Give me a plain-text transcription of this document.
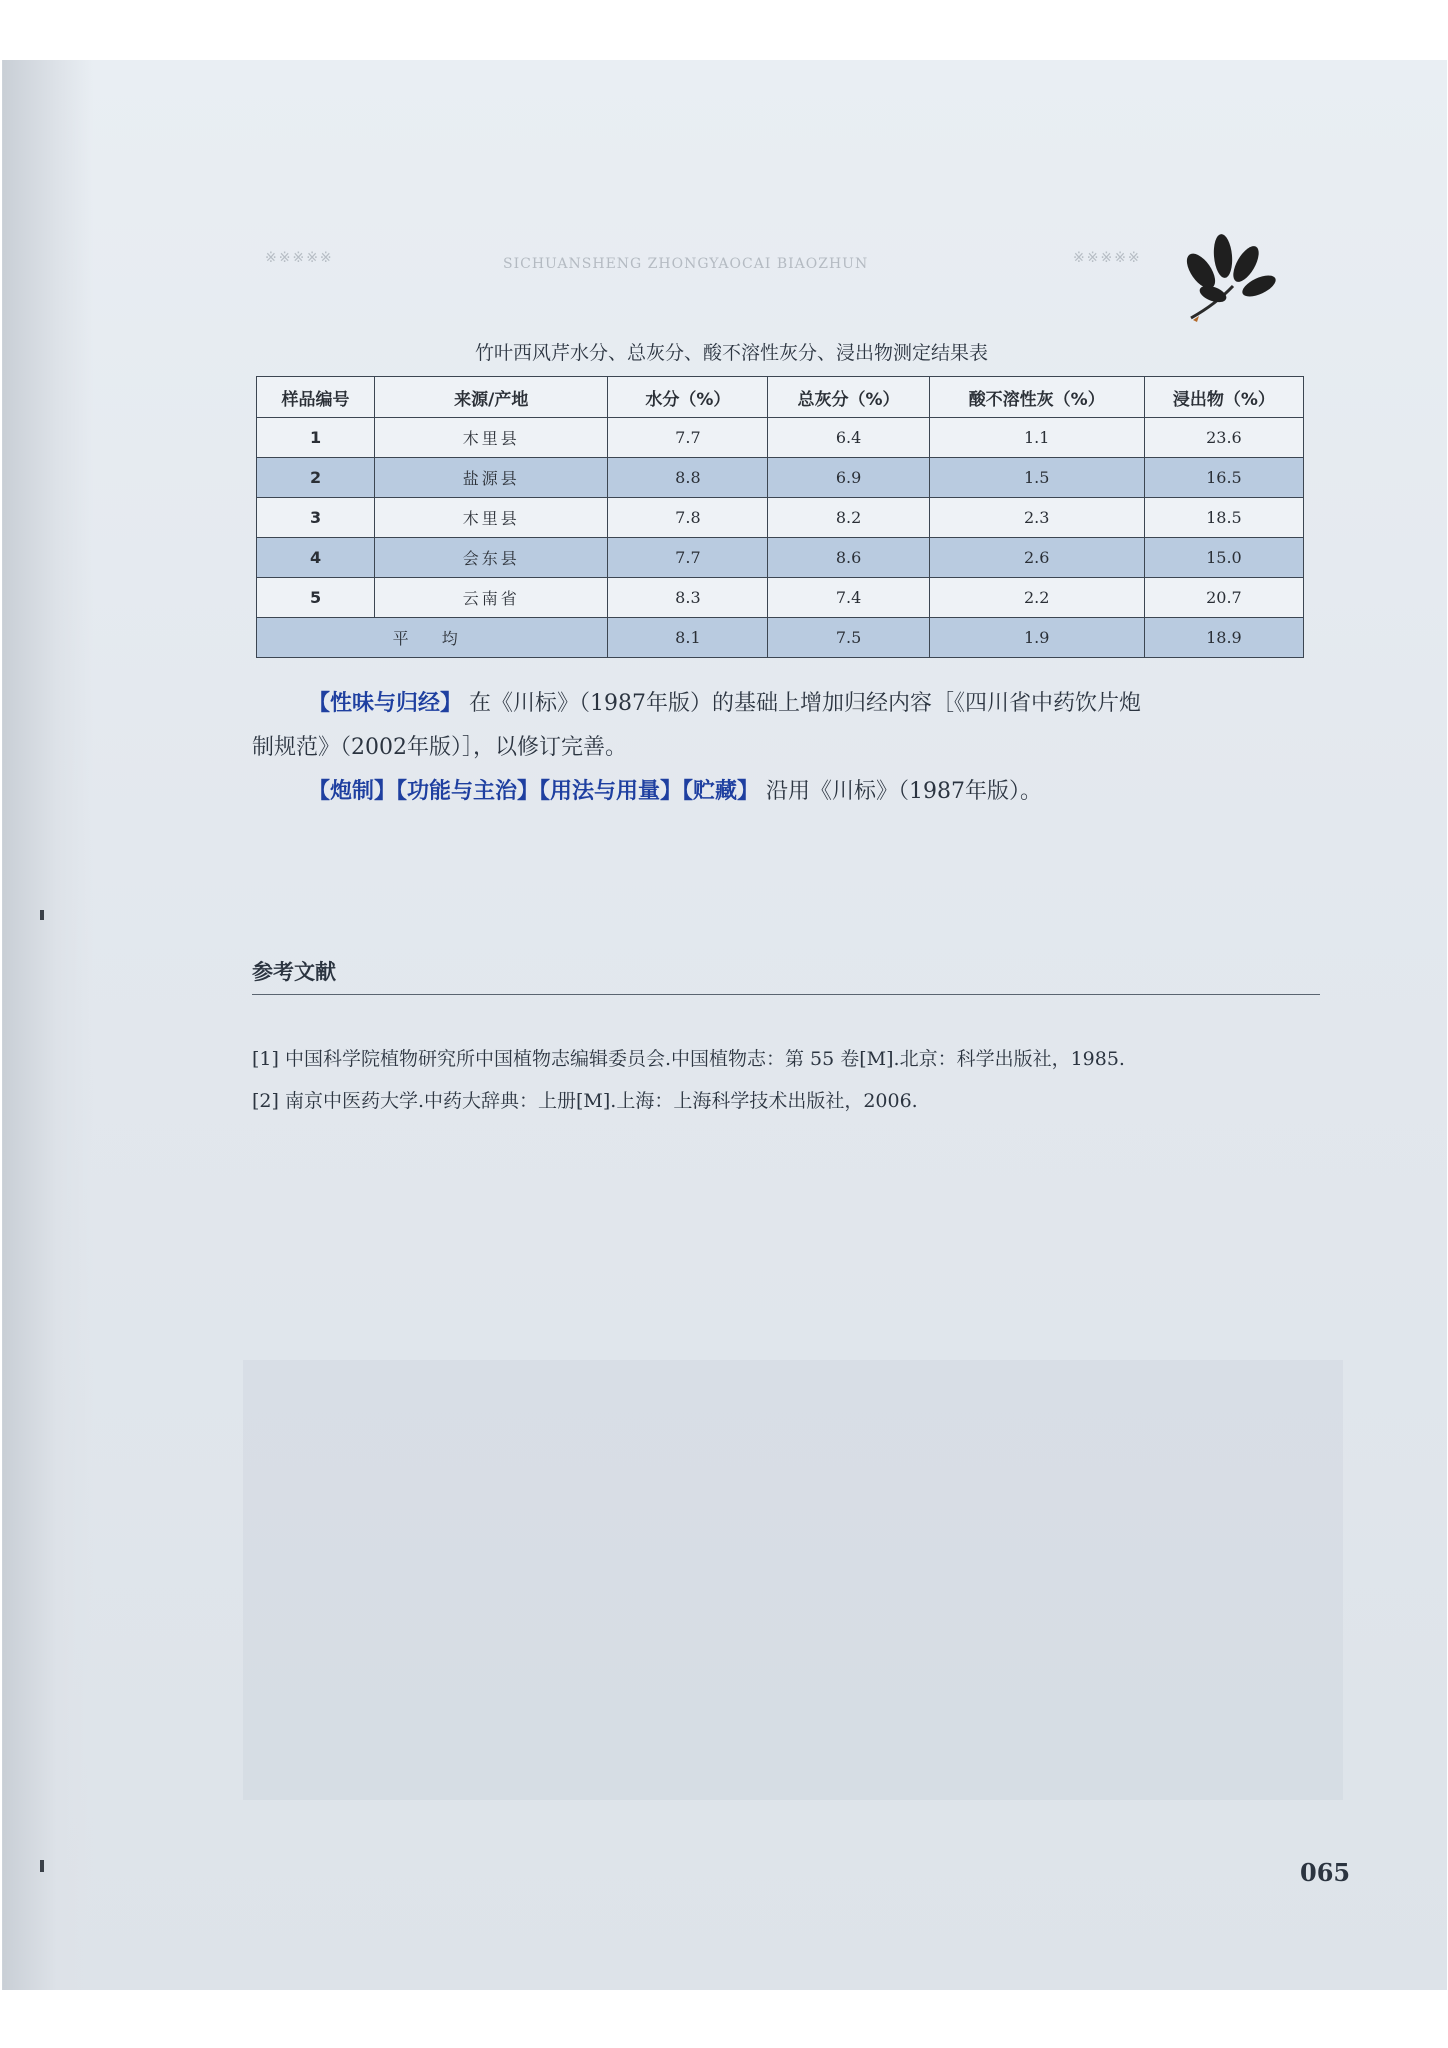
※※※※※	SICHUANSHENG ZHONGYAOCAI BIAOZHUN	※※※※※
竹叶西风芹水分、总灰分、酸不溶性灰分、浸出物测定结果表
样品编号	来源/产地	水分（%）	总灰分（%）	酸不溶性灰（%）	浸出物（%）
1	木里县	7.7	6.4	1.1	23.6
2	盐源县	8.8	6.9	1.5	16.5
3	木里县	7.8	8.2	2.3	18.5
4	会东县	7.7	8.6	2.6	15.0
5	云南省	8.3	7.4	2.2	20.7
平 均		8.1	7.5	1.9	18.9
【性味与归经】 在《川标》（1987年版）的基础上增加归经内容［《四川省中药饮片炮
制规范》（2002年版）］，以修订完善。
【炮制】【功能与主治】【用法与用量】【贮藏】 沿用《川标》（1987年版）。
参考文献
[1] 中国科学院植物研究所中国植物志编辑委员会.中国植物志：第 55 卷[M].北京：科学出版社，1985.
[2] 南京中医药大学.中药大辞典：上册[M].上海：上海科学技术出版社，2006.
065
